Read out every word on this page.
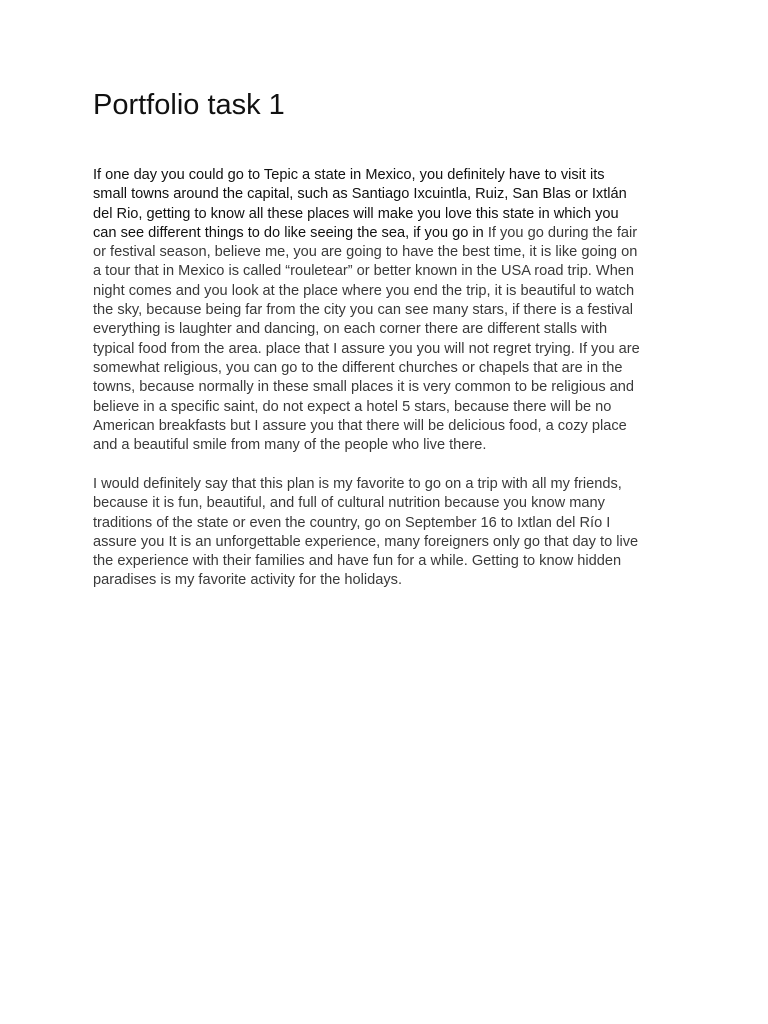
Portfolio task 1

If one day you could go to Tepic a state in Mexico, you definitely have to visit its
small towns around the capital, such as Santiago Ixcuintla, Ruiz, San Blas or Ixtlán
del Rio, getting to know all these places will make you love this state in which you
can see different things to do like seeing the sea, if you go in If you go during the fair
or festival season, believe me, you are going to have the best time, it is like going on
a tour that in Mexico is called “rouletear” or better known in the USA road trip. When
night comes and you look at the place where you end the trip, it is beautiful to watch
the sky, because being far from the city you can see many stars, if there is a festival
everything is laughter and dancing, on each corner there are different stalls with
typical food from the area. place that I assure you you will not regret trying. If you are
somewhat religious, you can go to the different churches or chapels that are in the
towns, because normally in these small places it is very common to be religious and
believe in a specific saint, do not expect a hotel 5 stars, because there will be no
American breakfasts but I assure you that there will be delicious food, a cozy place
and a beautiful smile from many of the people who live there.

I would definitely say that this plan is my favorite to go on a trip with all my friends,
because it is fun, beautiful, and full of cultural nutrition because you know many
traditions of the state or even the country, go on September 16 to Ixtlan del Río I
assure you It is an unforgettable experience, many foreigners only go that day to live
the experience with their families and have fun for a while. Getting to know hidden
paradises is my favorite activity for the holidays.
